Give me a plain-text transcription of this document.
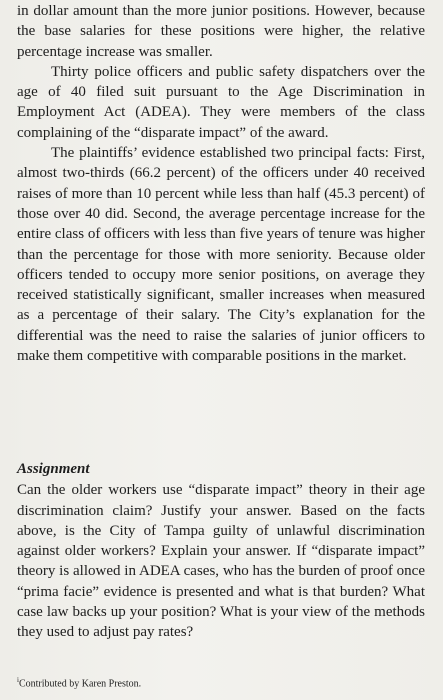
in dollar amount than the more junior positions. However, because the base salaries for these positions were higher, the relative percentage increase was smaller.

Thirty police officers and public safety dispatchers over the age of 40 filed suit pursuant to the Age Discrimination in Employment Act (ADEA). They were members of the class complaining of the “disparate impact” of the award.

The plaintiffs’ evidence established two principal facts: First, almost two-thirds (66.2 percent) of the officers under 40 received raises of more than 10 percent while less than half (45.3 percent) of those over 40 did. Second, the average percentage increase for the entire class of officers with less than five years of tenure was higher than the percentage for those with more seniority. Because older officers tended to occupy more senior positions, on average they received statistically significant, smaller increases when measured as a percentage of their salary. The City’s explanation for the differential was the need to raise the salaries of junior officers to make them competitive with comparable positions in the market.

Assignment

Can the older workers use “disparate impact” theory in their age discrimination claim? Justify your answer. Based on the facts above, is the City of Tampa guilty of unlawful discrimination against older workers? Explain your answer. If “disparate impact” theory is allowed in ADEA cases, who has the burden of proof once “prima facie” evidence is presented and what is that burden? What case law backs up your position? What is your view of the methods they used to adjust pay rates?

$^i$Contributed by Karen Preston.
